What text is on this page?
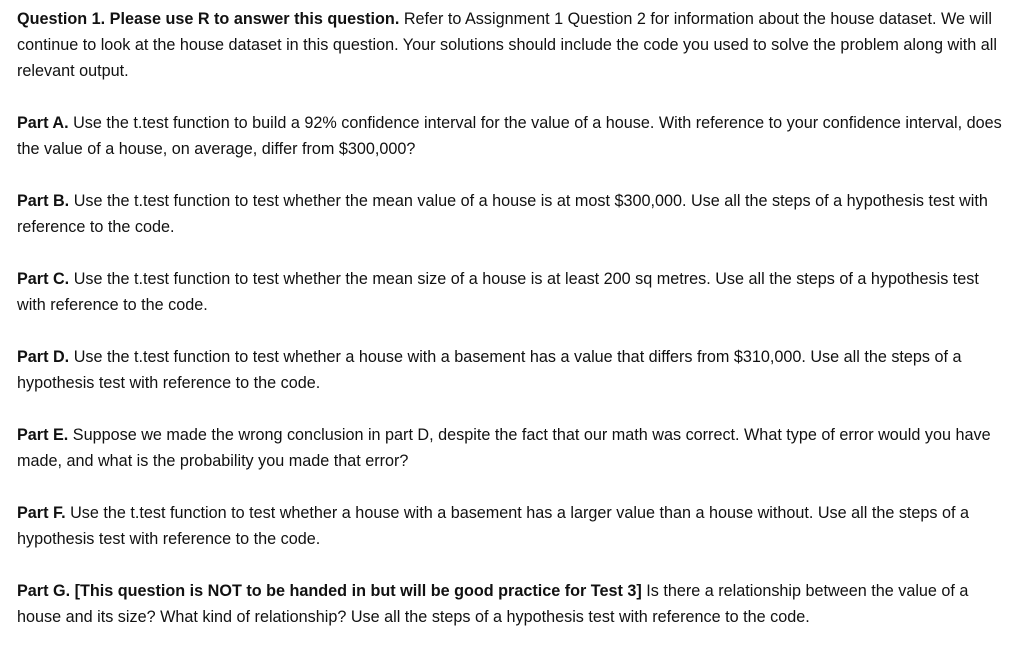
Question 1. Please use R to answer this question. Refer to Assignment 1 Question 2 for information about the house dataset. We will continue to look at the house dataset in this question. Your solutions should include the code you used to solve the problem along with all relevant output.

Part A. Use the t.test function to build a 92% confidence interval for the value of a house. With reference to your confidence interval, does the value of a house, on average, differ from $300,000?

Part B. Use the t.test function to test whether the mean value of a house is at most $300,000. Use all the steps of a hypothesis test with reference to the code.

Part C. Use the t.test function to test whether the mean size of a house is at least 200 sq metres. Use all the steps of a hypothesis test with reference to the code.

Part D. Use the t.test function to test whether a house with a basement has a value that differs from $310,000. Use all the steps of a hypothesis test with reference to the code.

Part E. Suppose we made the wrong conclusion in part D, despite the fact that our math was correct. What type of error would you have made, and what is the probability you made that error?

Part F. Use the t.test function to test whether a house with a basement has a larger value than a house without. Use all the steps of a hypothesis test with reference to the code.

Part G. [This question is NOT to be handed in but will be good practice for Test 3] Is there a relationship between the value of a house and its size? What kind of relationship? Use all the steps of a hypothesis test with reference to the code.
